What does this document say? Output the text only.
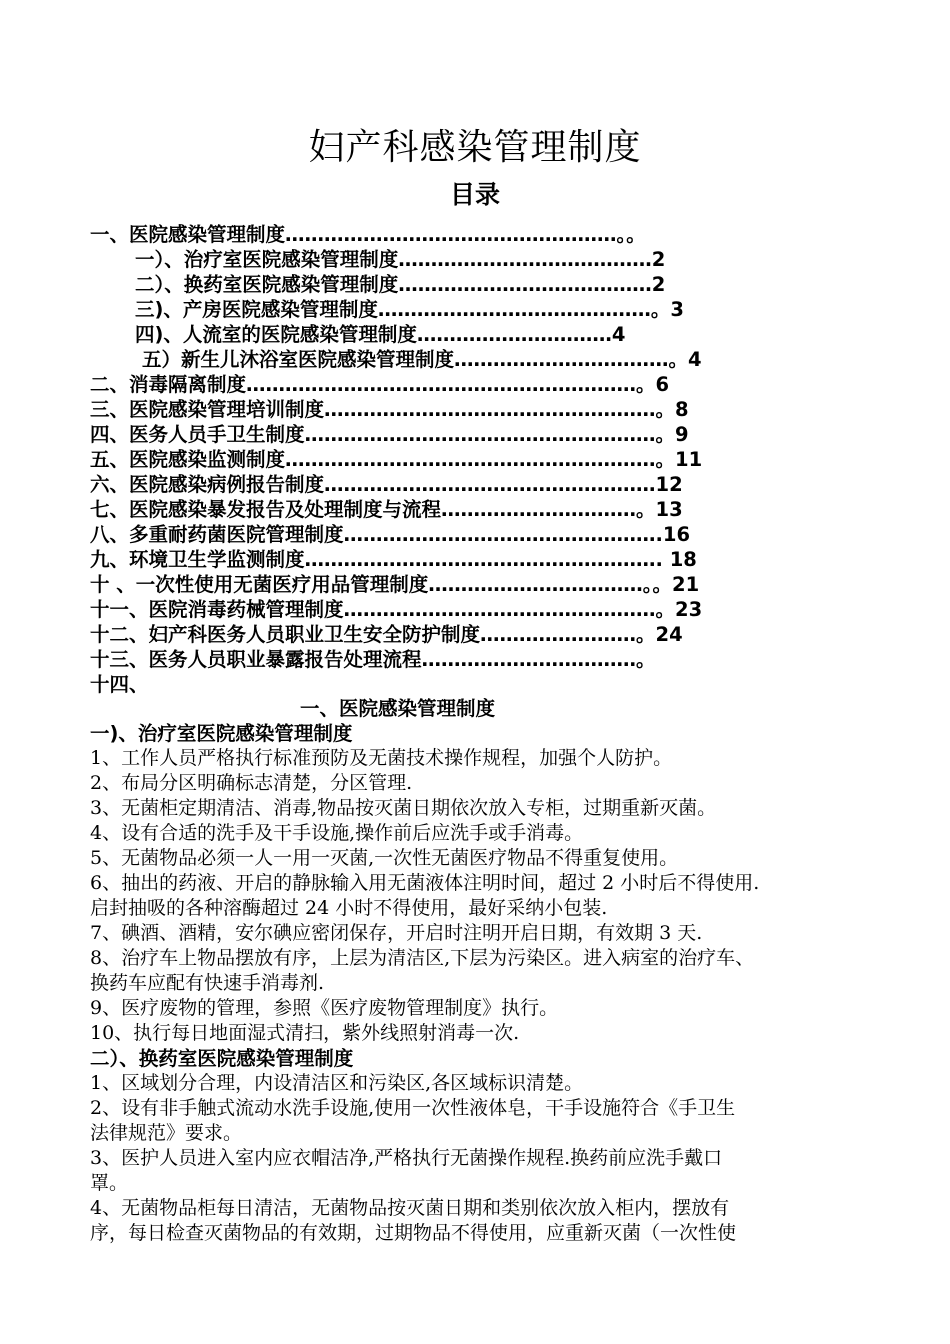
妇产科感染管理制度
目录
一、医院感染管理制度……………………………………………。。
一）、治疗室医院感染管理制度…………………………………2
二）、换药室医院感染管理制度…………………………………2
三)、产房医院感染管理制度……………………………………。3
四)、人流室的医院感染管理制度…………………………4
五）新生儿沐浴室医院感染管理制度……………………………。4
二、消毒隔离制度……………………………………………………。6
三、医院感染管理培训制度……………………………………………。8
四、医务人员手卫生制度………………………………………………。9
五、医院感染监测制度…………………………………………………。11
六、医院感染病例报告制度……………………………………………12
七、医院感染暴发报告及处理制度与流程…………………………。13
八、多重耐药菌医院管理制度………………………………………….16
九、环境卫生学监测制度………………………………………………. 18
十 、一次性使用无菌医疗用品管理制度……………………………。。21
十一、医院消毒药械管理制度…………………………………………。23
十二、妇产科医务人员职业卫生安全防护制度……………………。24
十三、医务人员职业暴露报告处理流程……………………………。
十四、
一、医院感染管理制度
一)、治疗室医院感染管理制度
1、工作人员严格执行标准预防及无菌技术操作规程，加强个人防护。
2、布局分区明确标志清楚，分区管理.
3、无菌柜定期清洁、消毒,物品按灭菌日期依次放入专柜，过期重新灭菌。
4、设有合适的洗手及干手设施,操作前后应洗手或手消毒。
5、无菌物品必须一人一用一灭菌,一次性无菌医疗物品不得重复使用。
6、抽出的药液、开启的静脉输入用无菌液体注明时间，超过 2 小时后不得使用.
启封抽吸的各种溶酶超过 24 小时不得使用，最好采纳小包装.
7、碘酒、酒精，安尔碘应密闭保存，开启时注明开启日期，有效期 3 天.
8、治疗车上物品摆放有序，上层为清洁区,下层为污染区。进入病室的治疗车、
换药车应配有快速手消毒剂.
9、医疗废物的管理，参照《医疗废物管理制度》执行。
10、执行每日地面湿式清扫，紫外线照射消毒一次.
二）、换药室医院感染管理制度
1、区域划分合理，内设清洁区和污染区,各区域标识清楚。
2、设有非手触式流动水洗手设施,使用一次性液体皂，干手设施符合《手卫生
法律规范》要求。
3、医护人员进入室内应衣帽洁净,严格执行无菌操作规程.换药前应洗手戴口
罩。
4、无菌物品柜每日清洁，无菌物品按灭菌日期和类别依次放入柜内，摆放有
序，每日检查灭菌物品的有效期，过期物品不得使用，应重新灭菌（一次性使
